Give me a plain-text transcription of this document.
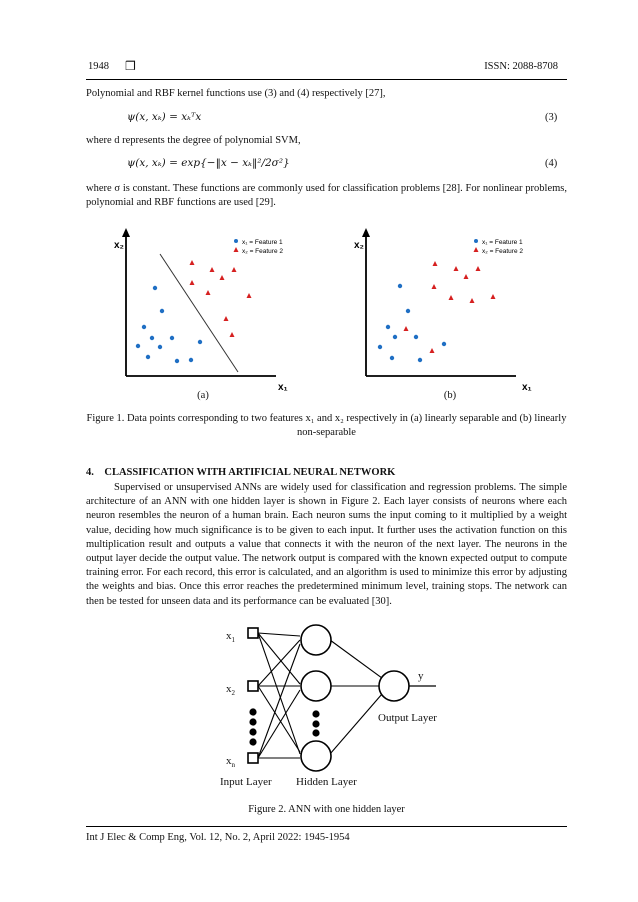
1948 ❒	ISSN: 2088-8708
Polynomial and RBF kernel functions use (3) and (4) respectively [27],
ψ(x, xₖ) = xₖᵀx	(3)
where d represents the degree of polynomial SVM,
ψ(x, xₖ) = exp{−‖x − xₖ‖²/2σ²}	(4)
where σ is constant. These functions are commonly used for classification problems [28]. For nonlinear problems, polynomial and RBF functions are used [29].
x₂
x₁
x₁ = Feature 1
x₂ = Feature 2
(a)
x₂
x₁
x₁ = Feature 1
x₂ = Feature 2
(b)
Figure 1. Data points corresponding to two features x₁ and x₂ respectively in (a) linearly separable and (b) linearly non-separable
4.    CLASSIFICATION WITH ARTIFICIAL NEURAL NETWORK
Supervised or unsupervised ANNs are widely used for classification and regression problems. The simple architecture of an ANN with one hidden layer is shown in Figure 2. Each layer consists of neurons where each neuron resembles the neuron of a human brain. Each neuron sums the input coming to it multiplied by a weight value, deciding how much significance is to be given to each input. It further uses the activation function on this multiplication result and outputs a value that connects it with the neuron of the next layer. The neurons in the output layer decide the output value. The network output is compared with the known expected output to compute training error. For each record, this error is calculated, and an algorithm is used to minimize this error by adjusting the weights and bias. Once this error reaches the predetermined minimum level, training stops. The network can then be tested for unseen data and its performance can be evaluated [30].
$x_1$
$x_2$
$x_n$
y
Output Layer
Input Layer Hidden Layer
Figure 2. ANN with one hidden layer
Int J Elec & Comp Eng, Vol. 12, No. 2, April 2022: 1945-1954
